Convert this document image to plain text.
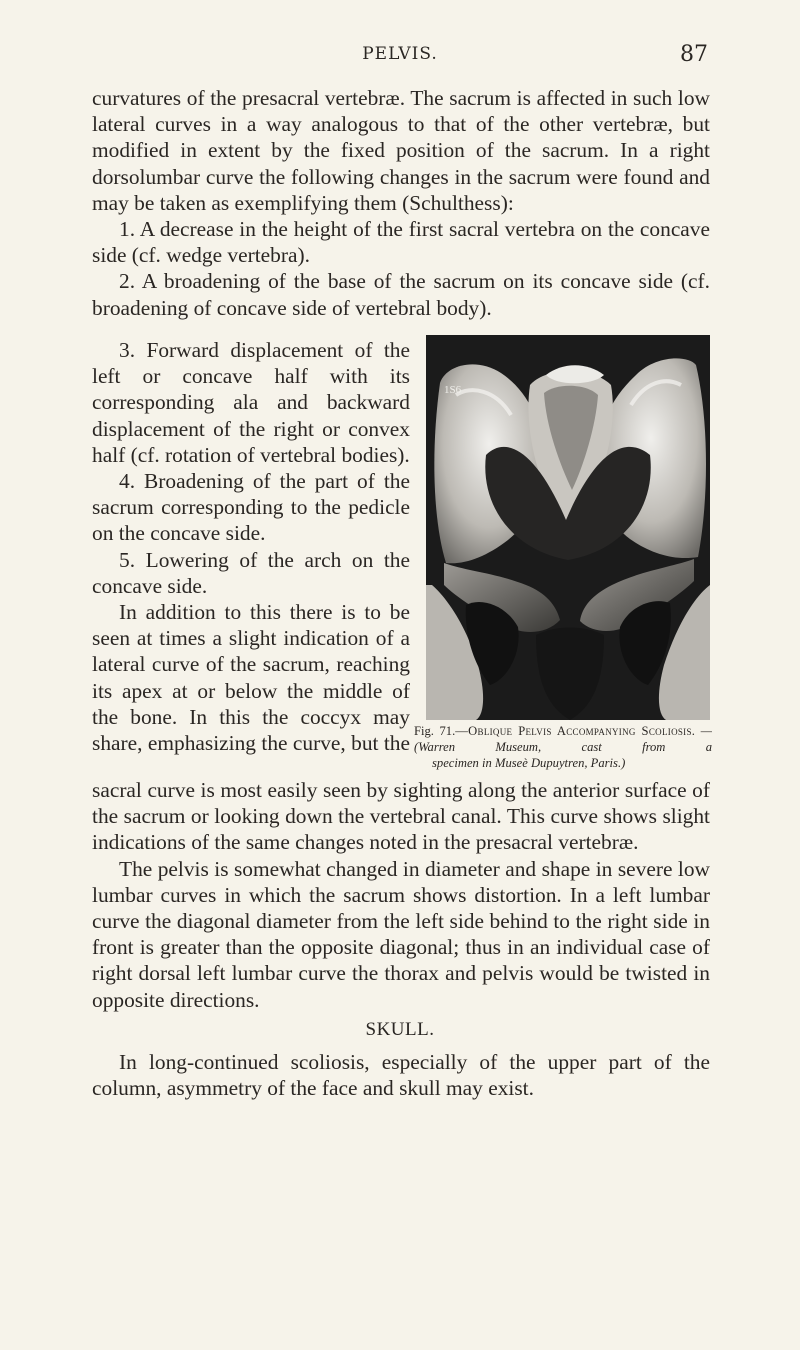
PELVIS.	87

curvatures of the presacral vertebræ. The sacrum is affected in such low lateral curves in a way analogous to that of the other vertebræ, but modified in extent by the fixed position of the sacrum. In a right dorsolumbar curve the following changes in the sacrum were found and may be taken as exemplifying them (Schulthess):

1. A decrease in the height of the first sacral vertebra on the concave side (cf. wedge vertebra).

2. A broadening of the base of the sacrum on its concave side (cf. broadening of concave side of vertebral body).

3. Forward displacement of the left or concave half with its corresponding ala and backward displacement of the right or convex half (cf. rotation of vertebral bodies).

4. Broadening of the part of the sacrum corresponding to the pedicle on the concave side.

5. Lowering of the arch on the concave side.

In addition to this there is to be seen at times a slight indication of a lateral curve of the sacrum, reaching its apex at or below the middle of the bone. In this the coccyx may share, emphasizing the curve, but the

1S6
Fig. 71.—Oblique Pelvis Accompanying Scoliosis. —(Warren Museum, cast from a
specimen in Museè Dupuytren, Paris.)

sacral curve is most easily seen by sighting along the anterior surface of the sacrum or looking down the vertebral canal. This curve shows slight indications of the same changes noted in the presacral vertebræ.

The pelvis is somewhat changed in diameter and shape in severe low lumbar curves in which the sacrum shows distortion. In a left lumbar curve the diagonal diameter from the left side behind to the right side in front is greater than the opposite diagonal; thus in an individual case of right dorsal left lumbar curve the thorax and pelvis would be twisted in opposite directions.

SKULL.

In long-continued scoliosis, especially of the upper part of the column, asymmetry of the face and skull may exist.
